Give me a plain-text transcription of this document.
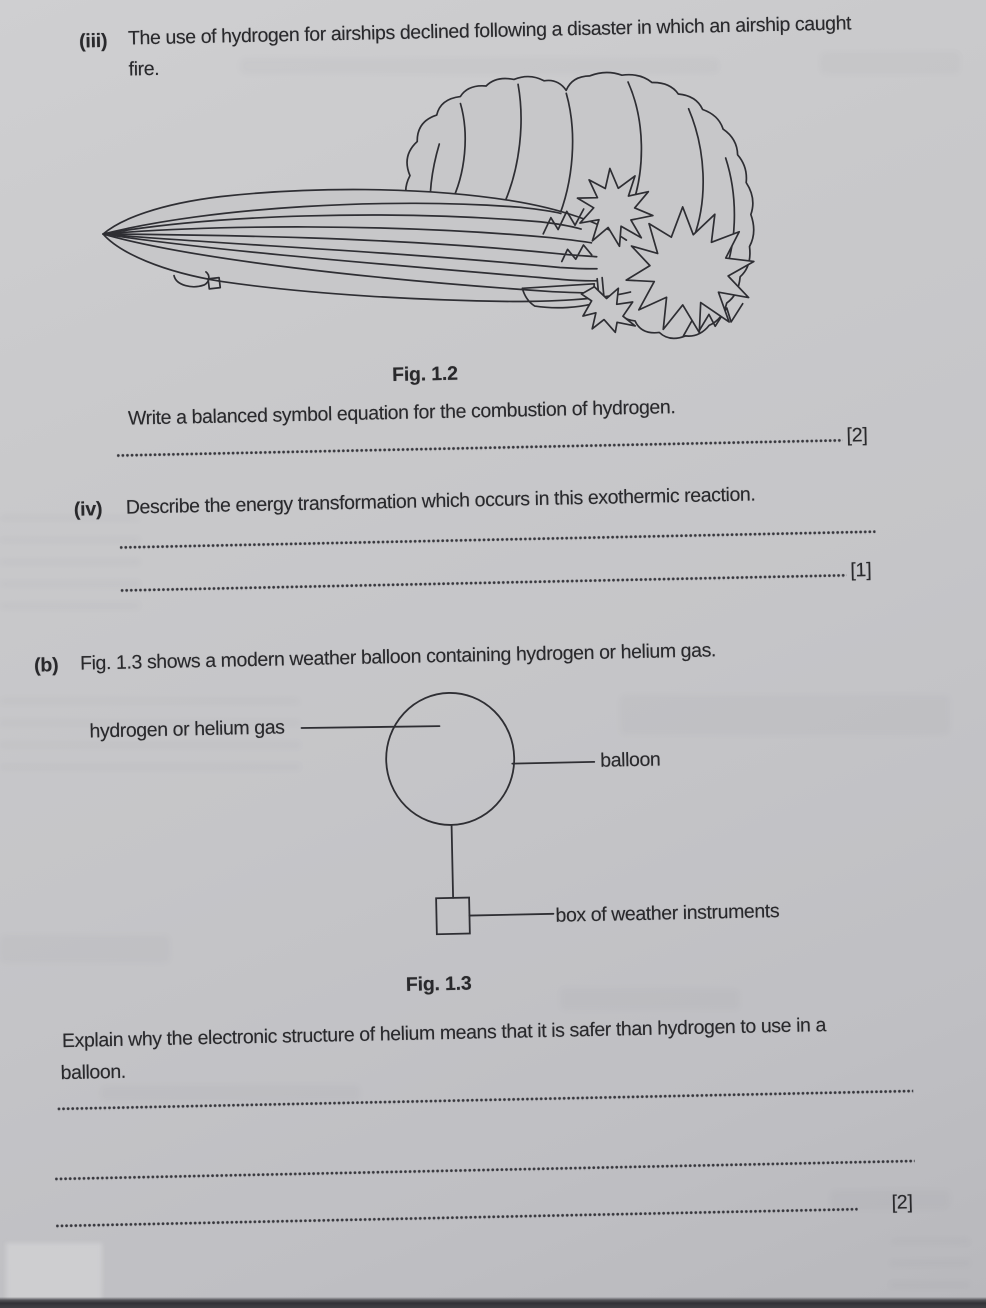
(iii) The use of hydrogen for airships declined following a disaster in which an airship caught
fire.
Fig. 1.2
Write a balanced symbol equation for the combustion of hydrogen.
[2]
(iv) Describe the energy transformation which occurs in this exothermic reaction.
[1]
(b) Fig. 1.3 shows a modern weather balloon containing hydrogen or helium gas.
hydrogen or helium gas
balloon
box of weather instruments
Fig. 1.3
Explain why the electronic structure of helium means that it is safer than hydrogen to use in a
balloon.
[2]
